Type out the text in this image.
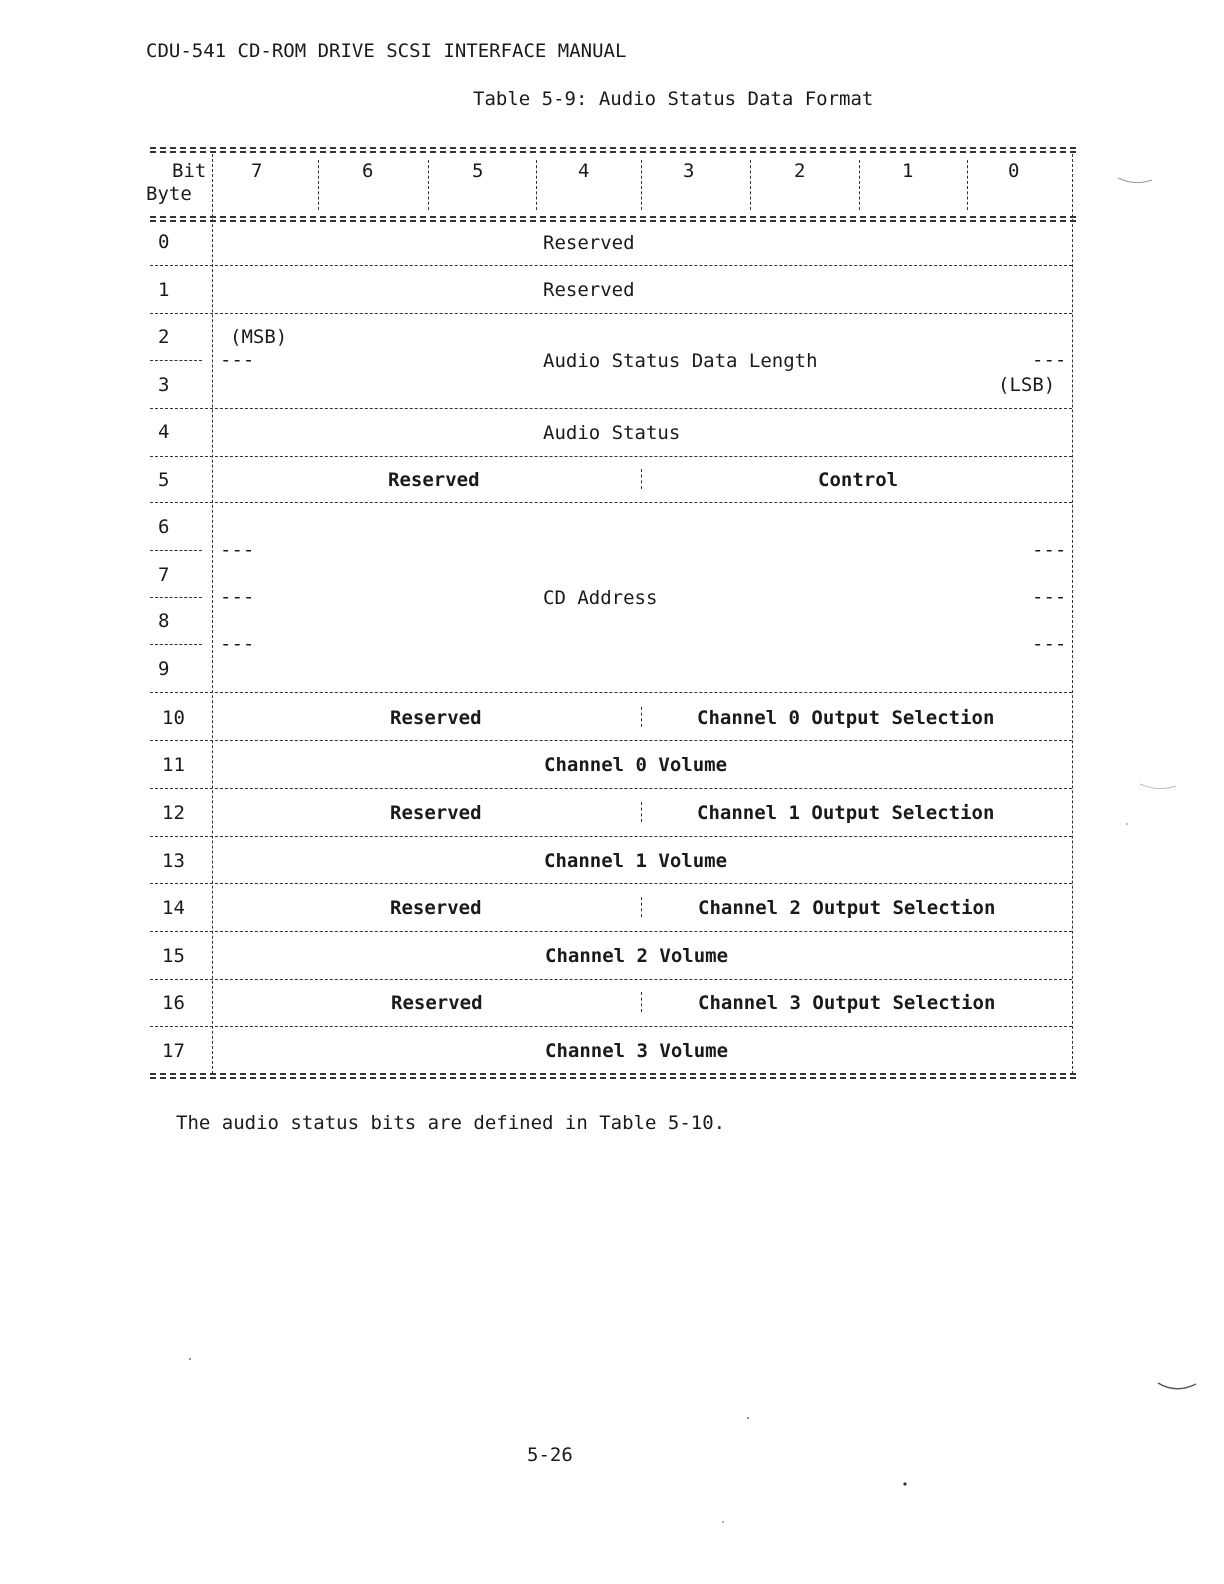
CDU-541 CD-ROM DRIVE SCSI INTERFACE MANUAL
Table 5-9: Audio Status Data Format
Bit
Byte
7	6	5	4	3	2	1	0
0	Reserved
1	Reserved
2	(MSB)
---	Audio Status Data Length	---
3	(LSB)
4	Audio Status
5	Reserved	Control
6
---	---
7
---	CD Address	---
8
---	---
9
10	Reserved	Channel 0 Output Selection
11	Channel 0 Volume
12	Reserved	Channel 1 Output Selection
13	Channel 1 Volume
14	Reserved	Channel 2 Output Selection
15	Channel 2 Volume
16	Reserved	Channel 3 Output Selection
17	Channel 3 Volume
The audio status bits are defined in Table 5-10.
5-26
